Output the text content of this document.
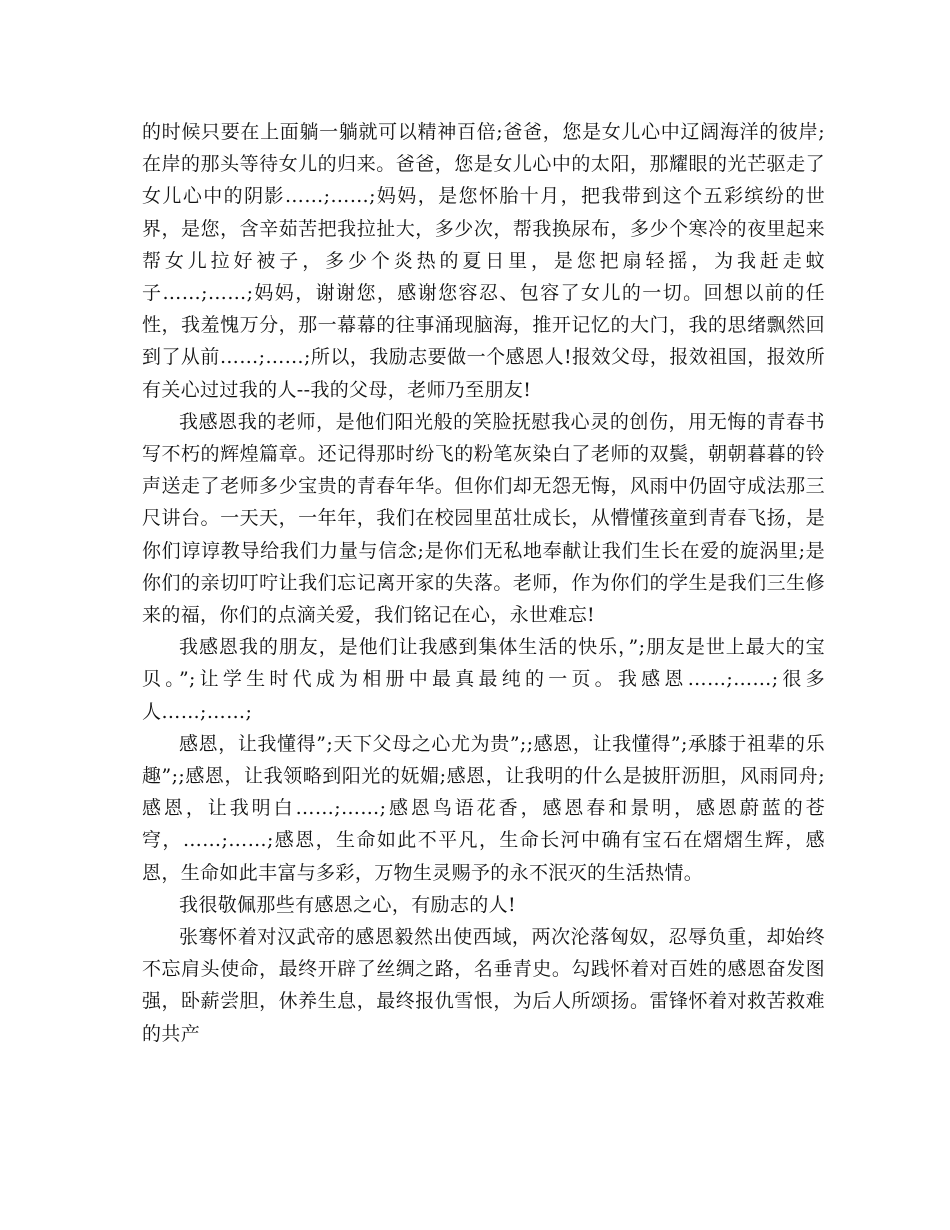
的时候只要在上面躺一躺就可以精神百倍;爸爸，您是女儿心中辽阔海洋的彼岸;在岸的那头等待女儿的归来。爸爸，您是女儿心中的太阳，那耀眼的光芒驱走了女儿心中的阴影……;……;妈妈，是您怀胎十月，把我带到这个五彩缤纷的世界，是您，含辛茹苦把我拉扯大，多少次，帮我换尿布，多少个寒冷的夜里起来帮女儿拉好被子，多少个炎热的夏日里，是您把扇轻摇，为我赶走蚊子……;……;妈妈，谢谢您，感谢您容忍、包容了女儿的一切。回想以前的任性，我羞愧万分，那一幕幕的往事涌现脑海，推开记忆的大门，我的思绪飘然回到了从前……;……;所以，我励志要做一个感恩人!报效父母，报效祖国，报效所有关心过过我的人--我的父母，老师乃至朋友!

我感恩我的老师，是他们阳光般的笑脸抚慰我心灵的创伤，用无悔的青春书写不朽的辉煌篇章。还记得那时纷飞的粉笔灰染白了老师的双鬓，朝朝暮暮的铃声送走了老师多少宝贵的青春年华。但你们却无怨无悔，风雨中仍固守成法那三尺讲台。一天天，一年年，我们在校园里茁壮成长，从懵懂孩童到青春飞扬，是你们谆谆教导给我们力量与信念;是你们无私地奉献让我们生长在爱的旋涡里;是你们的亲切叮咛让我们忘记离开家的失落。老师，作为你们的学生是我们三生修来的福，你们的点滴关爱，我们铭记在心，永世难忘!

我感恩我的朋友，是他们让我感到集体生活的快乐，”;朋友是世上最大的宝贝。”;让学生时代成为相册中最真最纯的一页。我感恩……;……;很多人……;……;

感恩，让我懂得”;天下父母之心尤为贵”;;感恩，让我懂得”;承膝于祖辈的乐趣”;;感恩，让我领略到阳光的妩媚;感恩，让我明的什么是披肝沥胆，风雨同舟;感恩，让我明白……;……;感恩鸟语花香，感恩春和景明，感恩蔚蓝的苍穹，……;……;感恩，生命如此不平凡，生命长河中确有宝石在熠熠生辉，感恩，生命如此丰富与多彩，万物生灵赐予的永不泯灭的生活热情。

我很敬佩那些有感恩之心，有励志的人!

张骞怀着对汉武帝的感恩毅然出使西域，两次沦落匈奴，忍辱负重，却始终不忘肩头使命，最终开辟了丝绸之路，名垂青史。勾践怀着对百姓的感恩奋发图强，卧薪尝胆，休养生息，最终报仇雪恨，为后人所颂扬。雷锋怀着对救苦救难的共产
